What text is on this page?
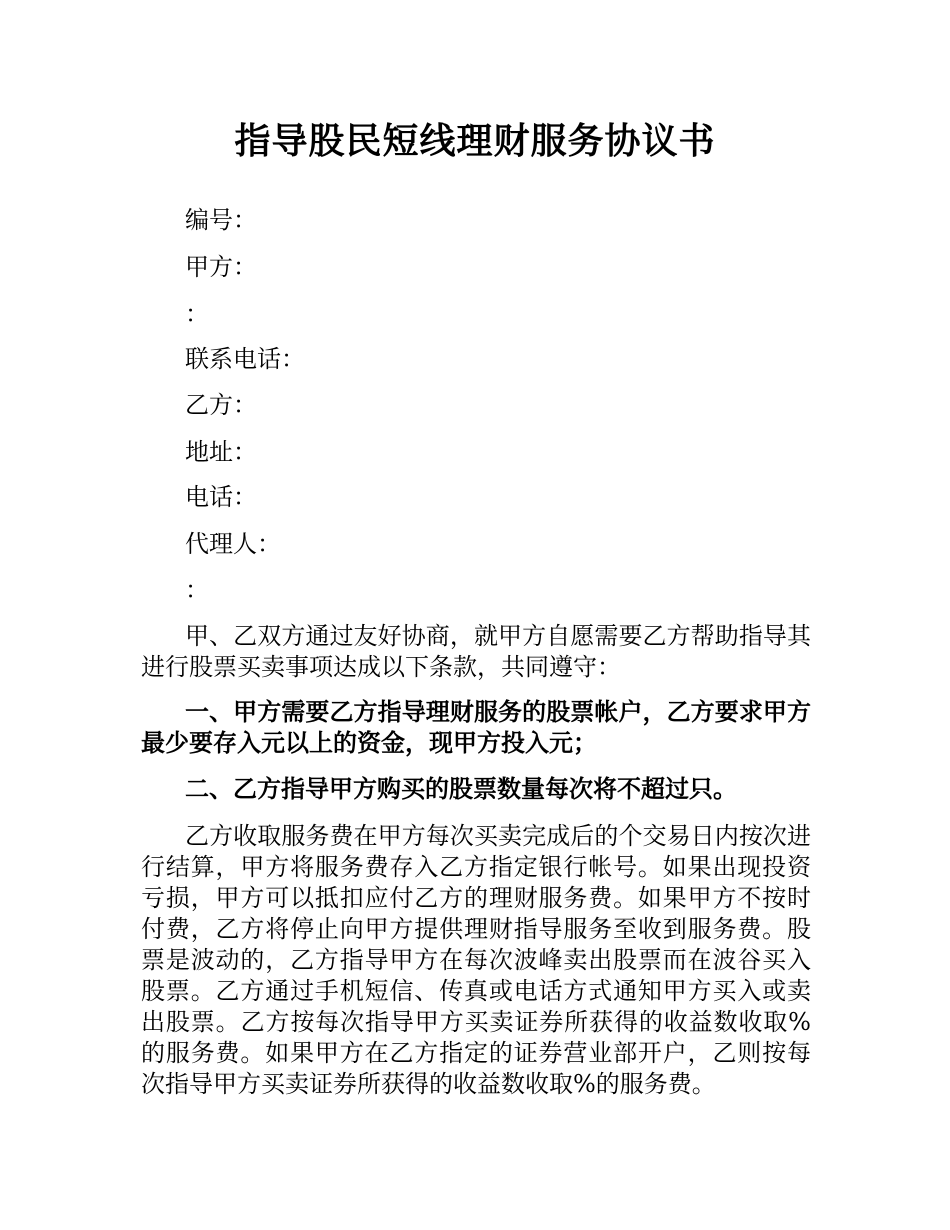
指导股民短线理财服务协议书
编号：
甲方：
：
联系电话：
乙方：
地址：
电话：
代理人：
：
甲、乙双方通过友好协商，就甲方自愿需要乙方帮助指导其进行股票买卖事项达成以下条款，共同遵守：
一、甲方需要乙方指导理财服务的股票帐户，乙方要求甲方最少要存入元以上的资金，现甲方投入元；
二、乙方指导甲方购买的股票数量每次将不超过只。
乙方收取服务费在甲方每次买卖完成后的个交易日内按次进行结算，甲方将服务费存入乙方指定银行帐号。如果出现投资亏损，甲方可以抵扣应付乙方的理财服务费。如果甲方不按时付费，乙方将停止向甲方提供理财指导服务至收到服务费。股票是波动的，乙方指导甲方在每次波峰卖出股票而在波谷买入股票。乙方通过手机短信、传真或电话方式通知甲方买入或卖出股票。乙方按每次指导甲方买卖证券所获得的收益数收取%的服务费。如果甲方在乙方指定的证券营业部开户，乙则按每次指导甲方买卖证券所获得的收益数收取%的服务费。
